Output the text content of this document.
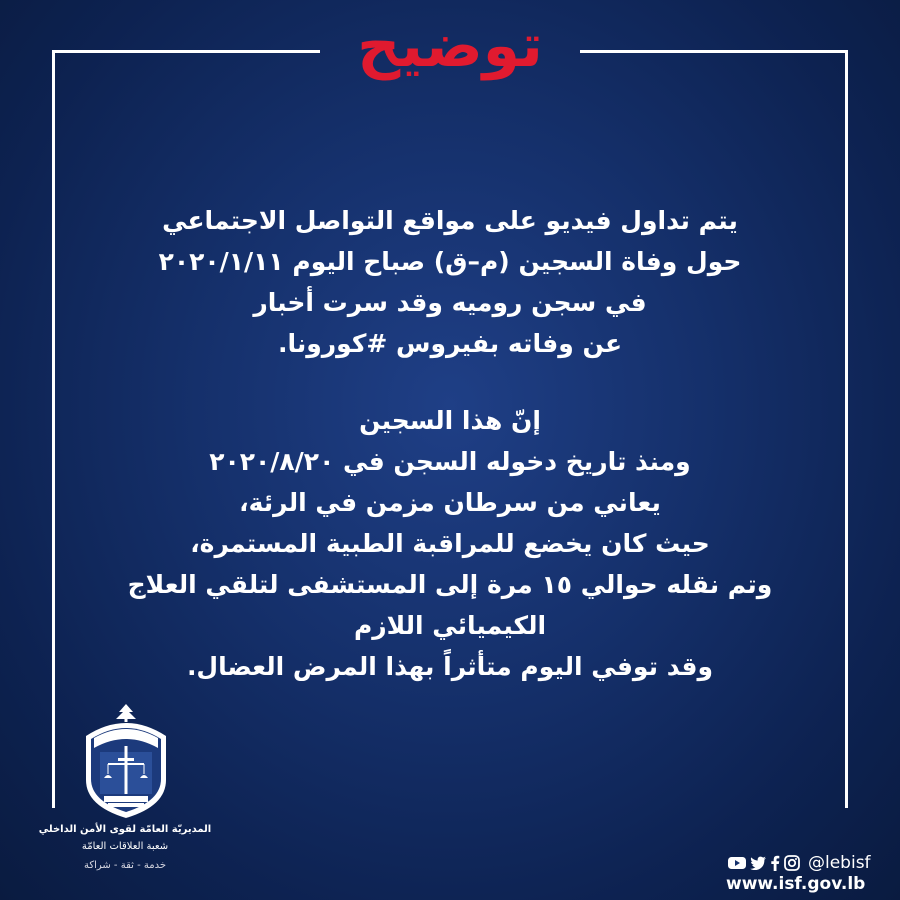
توضيح
يتم تداول فيديو على مواقع التواصل الاجتماعي
حول وفاة السجين (م–ق) صباح اليوم ٢٠٢٠/١/١١
في سجن روميه وقد سرت أخبار
عن وفاته بفيروس #كورونا.
إنّ هذا السجين
ومنذ تاريخ دخوله السجن في ٢٠٢٠/٨/٢٠
يعاني من سرطان مزمن في الرئة،
حيث كان يخضع للمراقبة الطبية المستمرة،
وتم نقله حوالي ١٥ مرة إلى المستشفى لتلقي العلاج
الكيميائي اللازم
وقد توفي اليوم متأثراً بهذا المرض العضال.
المديريّة العامّة لقوى الأمن الداخلي
شعبة العلاقات العامّة
خدمة - ثقة - شراكة	@lebisf
www.isf.gov.lb
